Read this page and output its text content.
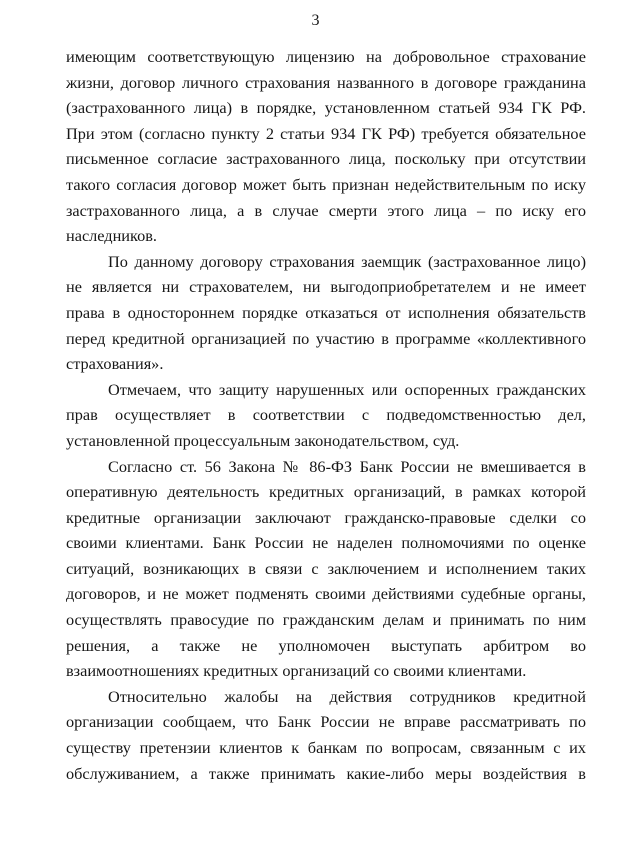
3
имеющим соответствующую лицензию на добровольное страхование
жизни, договор личного страхования названного в договоре гражданина
(застрахованного лица) в порядке, установленном статьей 934 ГК РФ.
При этом (согласно пункту 2 статьи 934 ГК РФ) требуется обязательное
письменное согласие застрахованного лица, поскольку при отсутствии
такого согласия договор может быть признан недействительным по иску
застрахованного лица, а в случае смерти этого лица – по иску его
наследников.
По данному договору страхования заемщик (застрахованное лицо)
не является ни страхователем, ни выгодоприобретателем и не имеет
права в одностороннем порядке отказаться от исполнения обязательств
перед кредитной организацией по участию в программе «коллективного
страхования».
Отмечаем, что защиту нарушенных или оспоренных гражданских
прав осуществляет в соответствии с подведомственностью дел,
установленной процессуальным законодательством, суд.
Согласно ст. 56 Закона № 86-ФЗ Банк России не вмешивается в
оперативную деятельность кредитных организаций, в рамках которой
кредитные организации заключают гражданско-правовые сделки со
своими клиентами. Банк России не наделен полномочиями по оценке
ситуаций, возникающих в связи с заключением и исполнением таких
договоров, и не может подменять своими действиями судебные органы,
осуществлять правосудие по гражданским делам и принимать по ним
решения, а также не уполномочен выступать арбитром во
взаимоотношениях кредитных организаций со своими клиентами.
Относительно жалобы на действия сотрудников кредитной
организации сообщаем, что Банк России не вправе рассматривать по
существу претензии клиентов к банкам по вопросам, связанным с их
обслуживанием, а также принимать какие-либо меры воздействия в
